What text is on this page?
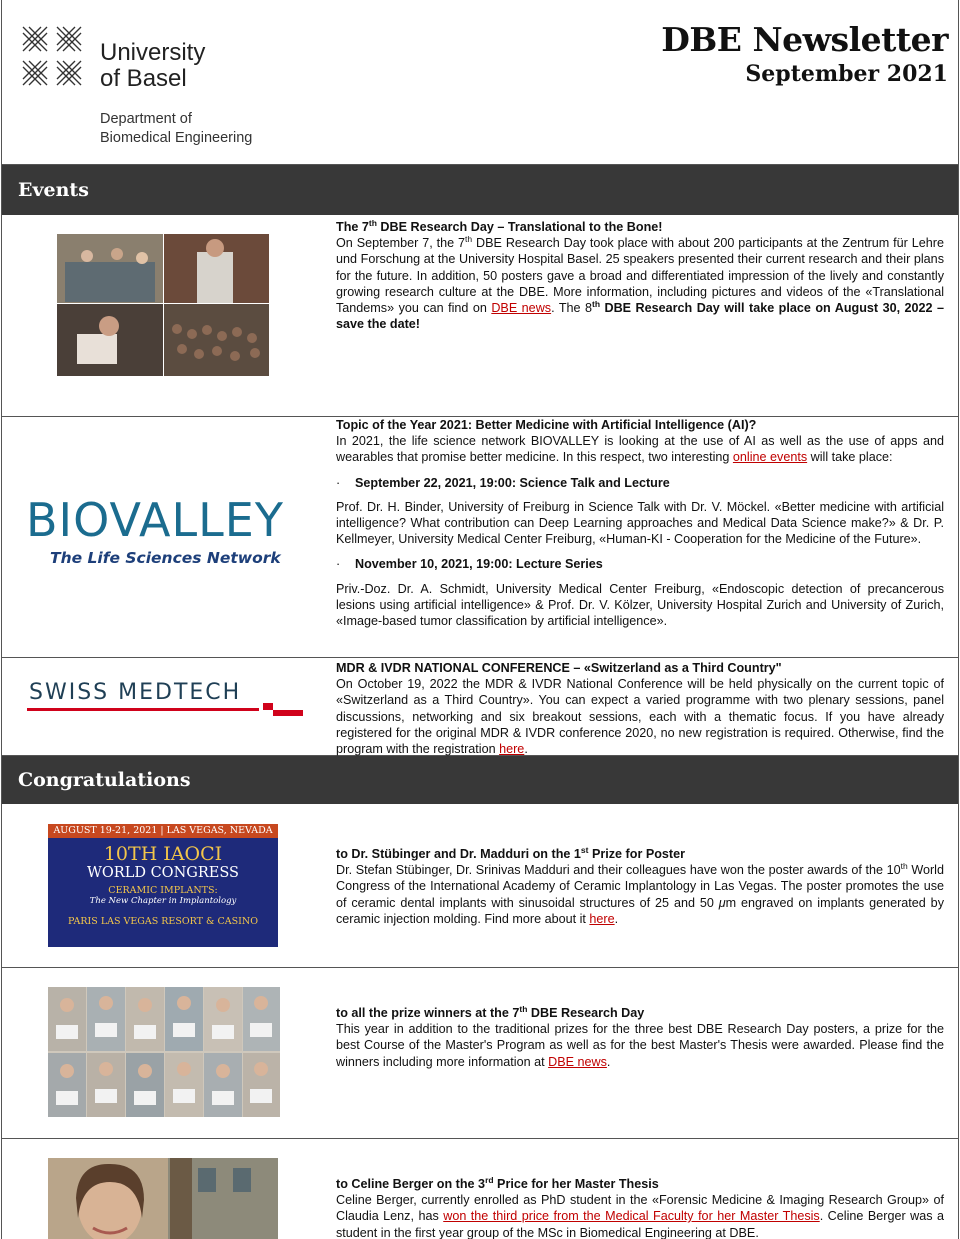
University
of Basel
Department of
Biomedical Engineering
DBE Newsletter
September 2021
Events
The 7th DBE Research Day – Translational to the Bone!
On September 7, the 7th DBE Research Day took place with about 200 participants at the Zentrum für Lehre und Forschung at the University Hospital Basel. 25 speakers presented their current research and their plans for the future. In addition, 50 posters gave a broad and differentiated impression of the lively and constantly growing research culture at the DBE. More information, including pictures and videos of the «Translational Tandems» you can find on DBE news. The 8th DBE Research Day will take place on August 30, 2022 – save the date!
BIOVALLEY
The Life Sciences Network
Topic of the Year 2021: Better Medicine with Artificial Intelligence (AI)?
In 2021, the life science network BIOVALLEY is looking at the use of AI as well as the use of apps and wearables that promise better medicine. In this respect, two interesting online events will take place:
· September 22, 2021, 19:00: Science Talk and Lecture
Prof. Dr. H. Binder, University of Freiburg in Science Talk with Dr. V. Möckel. «Better medicine with artificial intelligence? What contribution can Deep Learning approaches and Medical Data Science make?» & Dr. P. Kellmeyer, University Medical Center Freiburg, «Human-KI - Cooperation for the Medicine of the Future».
· November 10, 2021, 19:00: Lecture Series
Priv.-Doz. Dr. A. Schmidt, University Medical Center Freiburg, «Endoscopic detection of precancerous lesions using artificial intelligence» & Prof. Dr. V. Kölzer, University Hospital Zurich and University of Zurich, «Image-based tumor classification by artificial intelligence».
SWISS MEDTECH
MDR & IVDR NATIONAL CONFERENCE – «Switzerland as a Third Country"
On October 19, 2022 the MDR & IVDR National Conference will be held physically on the current topic of «Switzerland as a Third Country». You can expect a varied programme with two plenary sessions, panel discussions, networking and six breakout sessions, each with a thematic focus. If you have already registered for the original MDR & IVDR conference 2020, no new registration is required. Otherwise, find the program with the registration here.
Congratulations
AUGUST 19-21, 2021 | LAS VEGAS, NEVADA
10TH IAOCI
WORLD CONGRESS
CERAMIC IMPLANTS:
The New Chapter in Implantology
PARIS LAS VEGAS RESORT & CASINO
to Dr. Stübinger and Dr. Madduri on the 1st Prize for Poster
Dr. Stefan Stübinger, Dr. Srinivas Madduri and their colleagues have won the poster awards of the 10th World Congress of the International Academy of Ceramic Implantology in Las Vegas. The poster promotes the use of ceramic dental implants with sinusoidal structures of 25 and 50 μm engraved on implants generated by ceramic injection molding. Find more about it here.
to all the prize winners at the 7th DBE Research Day
This year in addition to the traditional prizes for the three best DBE Research Day posters, a prize for the best Course of the Master's Program as well as for the best Master's Thesis were awarded. Please find the winners including more information at DBE news.
to Celine Berger on the 3rd Price for her Master Thesis
Celine Berger, currently enrolled as PhD student in the «Forensic Medicine & Imaging Research Group» of Claudia Lenz, has won the third price from the Medical Faculty for her Master Thesis. Celine Berger was a student in the first year group of the MSc in Biomedical Engineering at DBE.
